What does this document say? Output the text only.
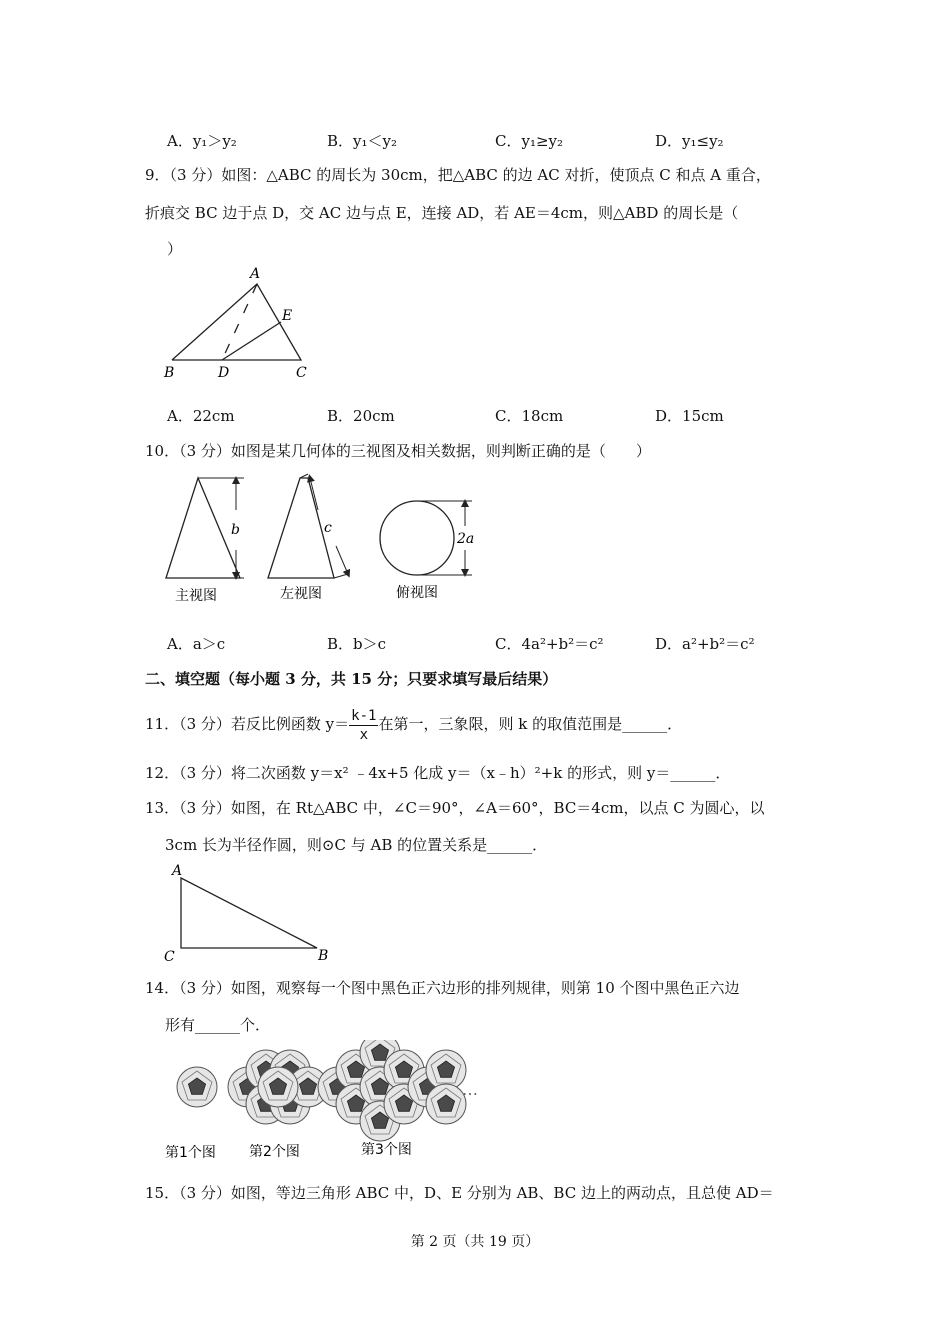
A．y₁＞y₂	B．y₁＜y₂	C．y₁≥y₂	D．y₁≤y₂
9．（3 分）如图：△ABC 的周长为 30cm，把△ABC 的边 AC 对折，使顶点 C 和点 A 重合，
折痕交 BC 边于点 D，交 AC 边与点 E，连接 AD，若 AE＝4cm，则△ABD 的周长是（
）
A
B	C
D
E
A．22cm	B．20cm	C．18cm	D．15cm
10．（3 分）如图是某几何体的三视图及相关数据，则判断正确的是（　　）
b	c
2a
主视图	左视图	俯视图
A．a＞c	B．b＞c	C．4a²+b²＝c²	D．a²+b²＝c²
二、填空题（每小题 3 分，共 15 分；只要求填写最后结果）
11．（3 分）若反比例函数 $y= \frac{k-1}{x}$ 在第一，三象限，则 k 的取值范围是______．
12．（3 分）将二次函数 y＝x² ﹣4x+5 化成 y＝（x﹣h）²+k 的形式，则 y＝______．
13．（3 分）如图，在 Rt△ABC 中，∠C＝90°，∠A＝60°，BC＝4cm，以点 C 为圆心，以
3cm 长为半径作圆，则⊙C 与 AB 的位置关系是______．
A
C	B
14．（3 分）如图，观察每一个图中黑色正六边形的排列规律，则第 10 个图中黑色正六边
形有______个．
…
第1个图 第2个图	第3个图
15．（3 分）如图，等边三角形 ABC 中，D、E 分别为 AB、BC 边上的两动点，且总使 AD＝
第 2 页（共 19 页）
